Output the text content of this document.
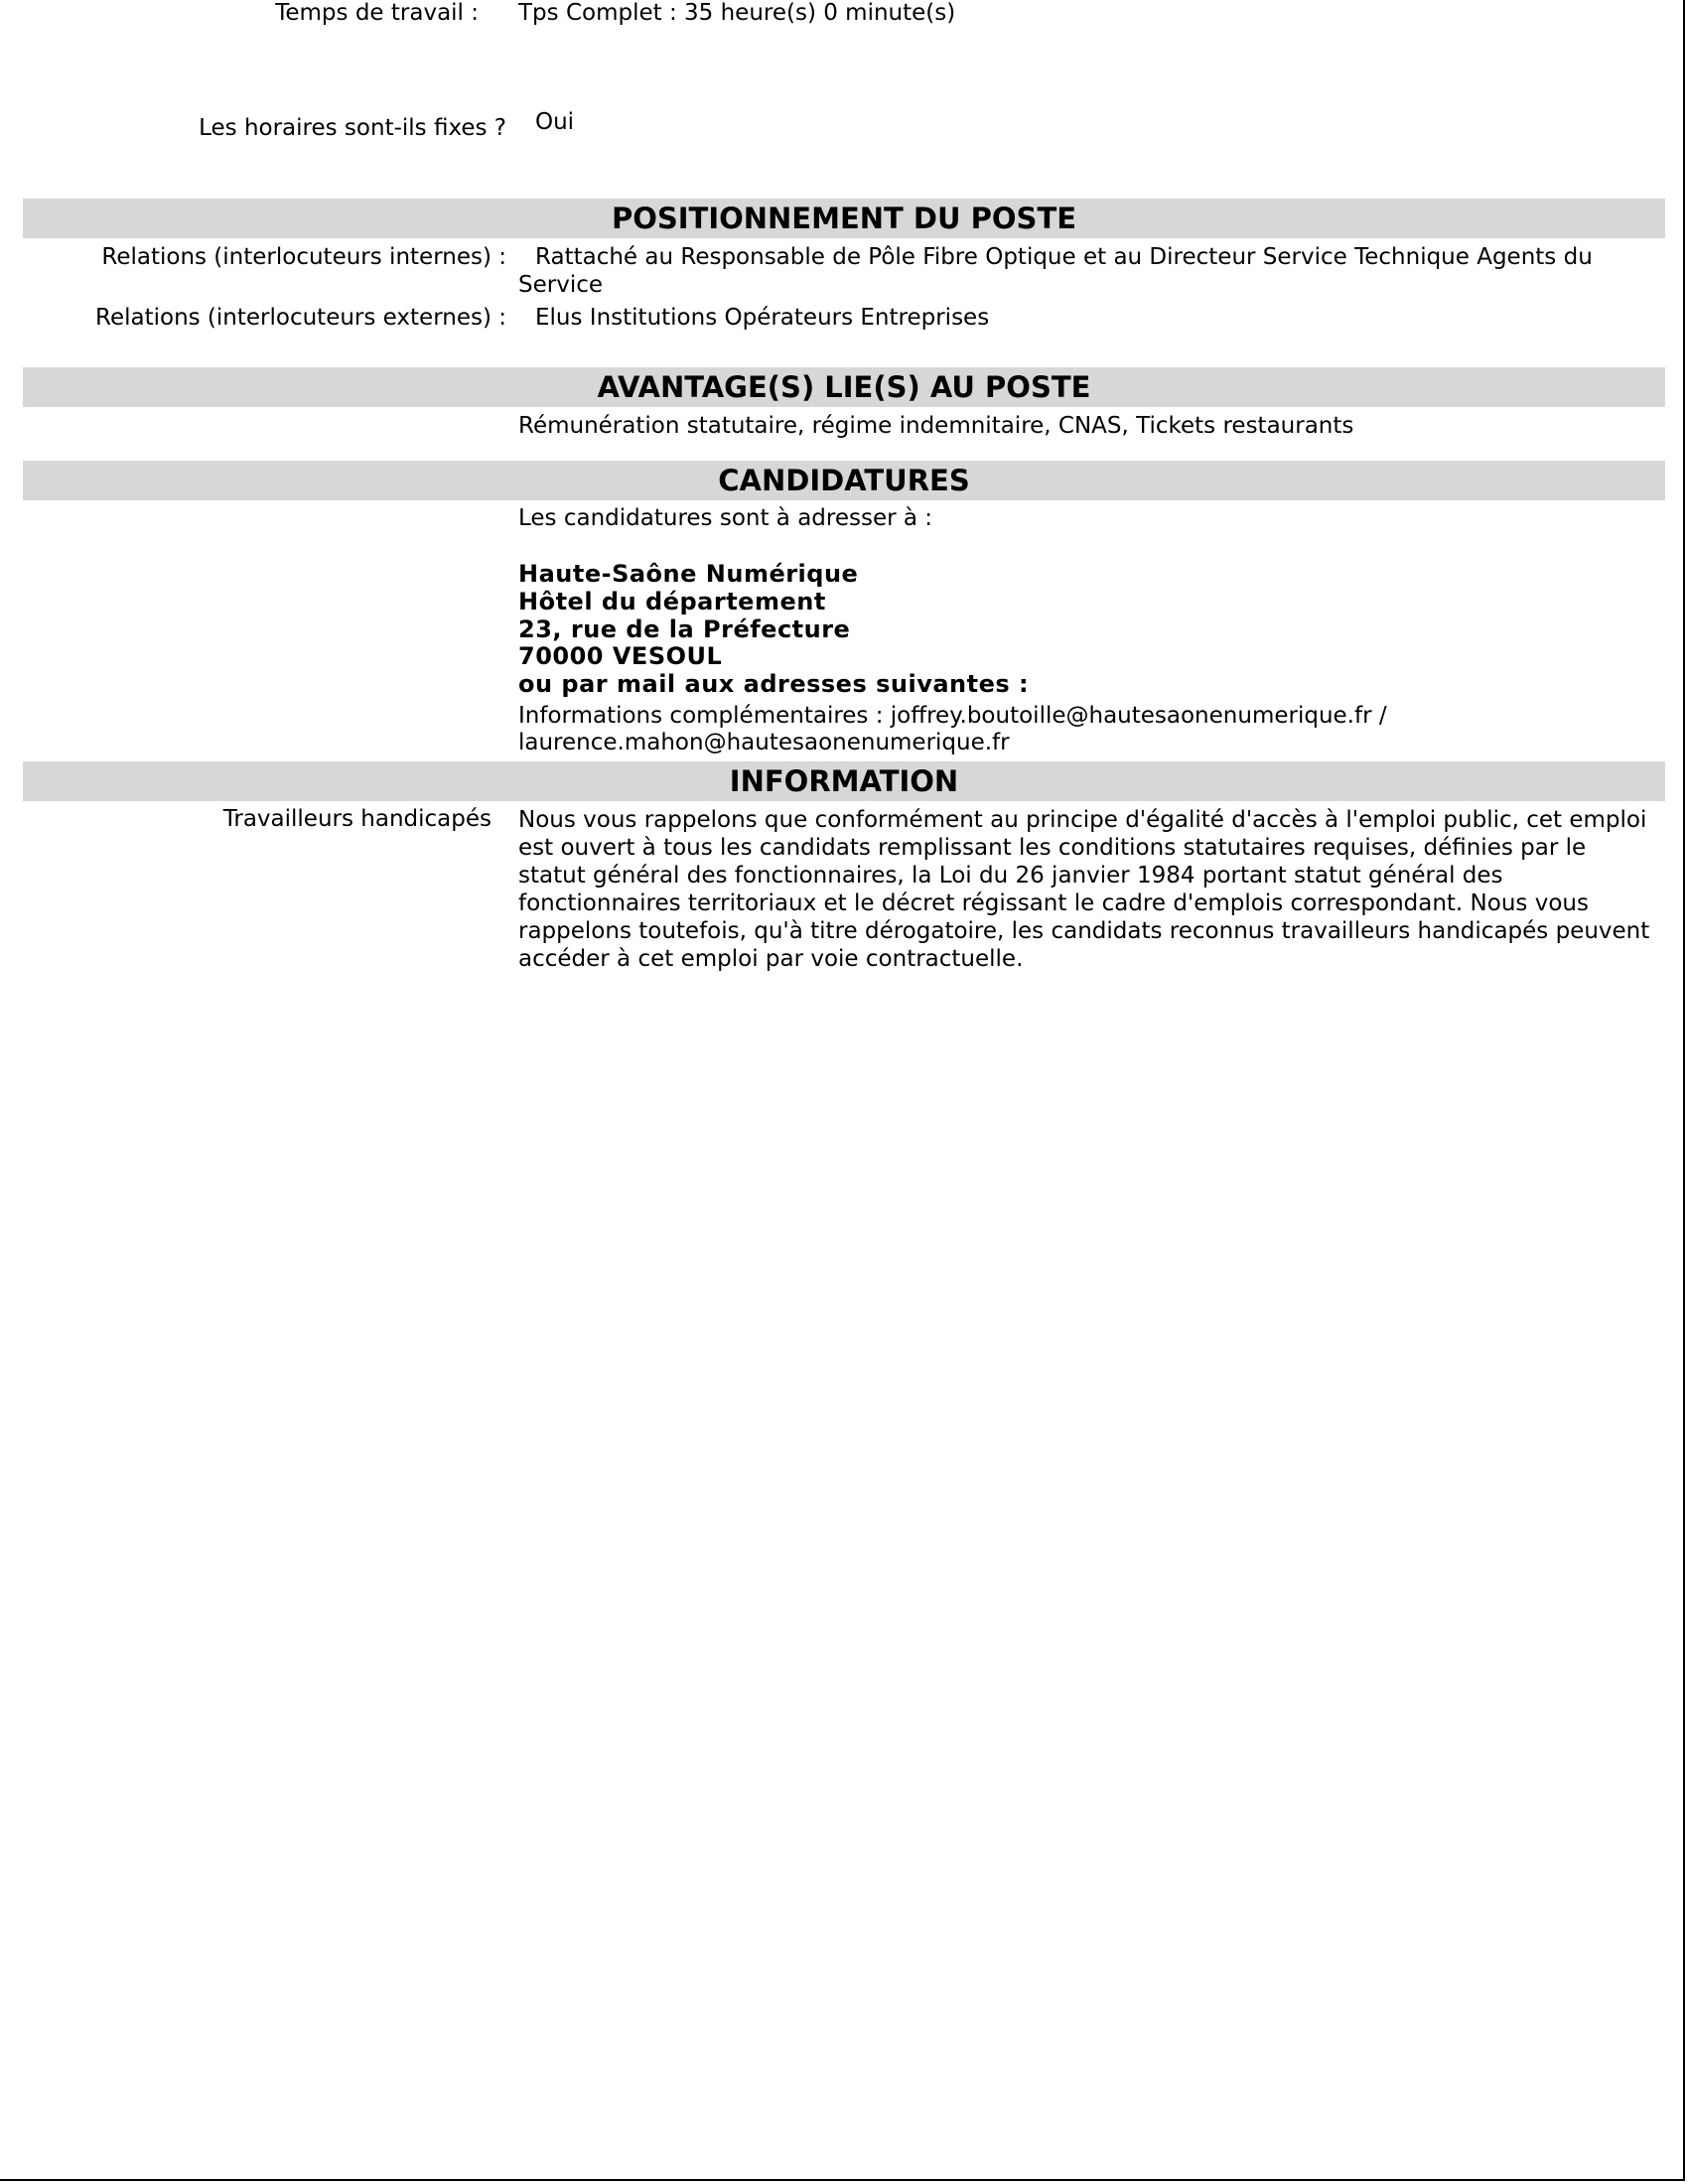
Temps de travail : Tps Complet : 35 heure(s) 0 minute(s)
Les horaires sont-ils fixes ? Oui
POSITIONNEMENT DU POSTE
Relations (interlocuteurs internes) : Rattaché au Responsable de Pôle Fibre Optique et au Directeur Service Technique Agents du
Service
Relations (interlocuteurs externes) : Elus Institutions Opérateurs Entreprises
AVANTAGE(S) LIE(S) AU POSTE
Rémunération statutaire, régime indemnitaire, CNAS, Tickets restaurants
CANDIDATURES
Les candidatures sont à adresser à :
Haute-Saône Numérique
Hôtel du département
23, rue de la Préfecture
70000 VESOUL
ou par mail aux adresses suivantes :
Informations complémentaires : joffrey.boutoille@hautesaonenumerique.fr /
laurence.mahon@hautesaonenumerique.fr
INFORMATION
Travailleurs handicapés Nous vous rappelons que conformément au principe d'égalité d'accès à l'emploi public, cet emploi est ouvert à tous les candidats remplissant les conditions statutaires requises, définies par le statut général des fonctionnaires, la Loi du 26 janvier 1984 portant statut général des fonctionnaires territoriaux et le décret régissant le cadre d'emplois correspondant. Nous vous rappelons toutefois, qu'à titre dérogatoire, les candidats reconnus travailleurs handicapés peuvent accéder à cet emploi par voie contractuelle.
